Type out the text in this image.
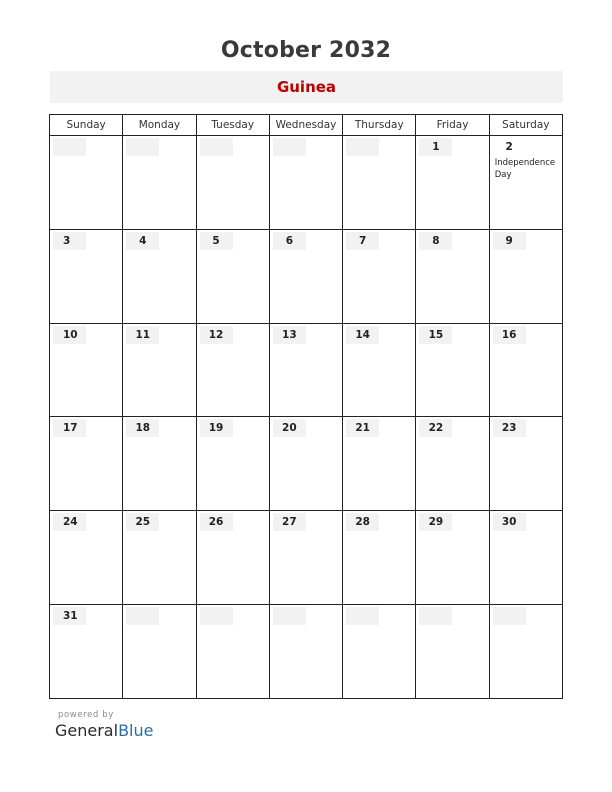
October 2032
Guinea
Sunday	Monday	Tuesday	Wednesday	Thursday	Friday	Saturday

					1	2
Independence Day

3	4	5	6	7	8	9

10	11	12	13	14	15	16

17	18	19	20	21	22	23

24	25	26	27	28	29	30

31						

powered by
GeneralBlue
